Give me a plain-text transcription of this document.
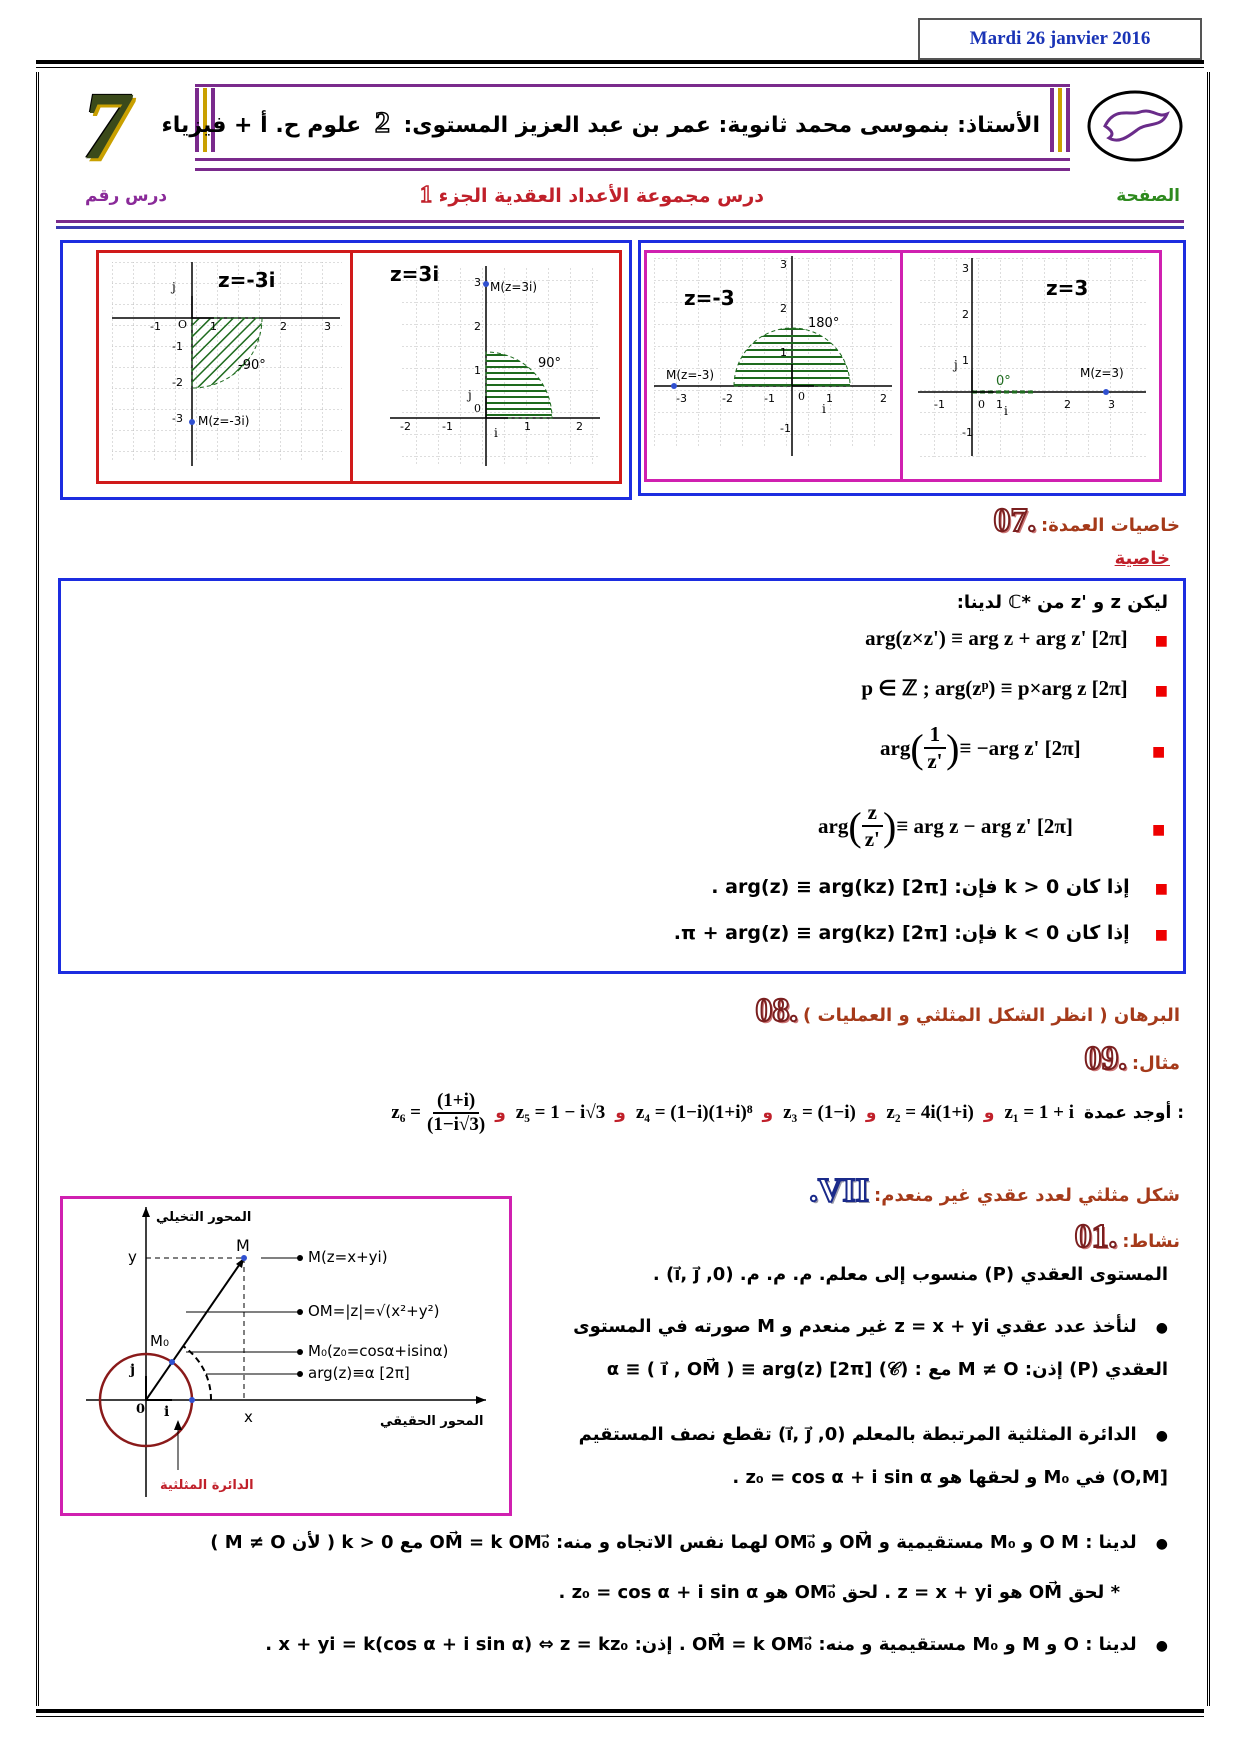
Mardi 26 janvier 2016
7	الأستاذ: بنموسى محمد ثانوية: عمر بن عبد العزيز المستوى: 2 علوم ح. أ + فيزياء
درس رقم	درس مجموعة الأعداد العقدية الجزء 1	الصفحة
z=-3i
-90°
M(z=-3i)
j
O
-1	1	2	3
-1
-2
-3
z=3i
90°
M(z=3i)
j
i
0
-2	-1	1	2
3
2
1
z=-3
180°
M(z=-3)
-3	-2	-1	1	2
3
2
1
-1
i
0
z=3
0°
M(z=3)
-1	1	2	3
3
2
1
-1
i
j
0
خاصيات العمدة: .07
خاصية
ليكن z و 'z من *ℂ لدينا:
■ arg(z×z') ≡ arg z + arg z' [2π]
■ p ∈ ℤ ; arg(zᵖ) ≡ p×arg z [2π]
arg ( 1
z' ) ≡ −arg z' [2π]	■
arg ( z
z' ) ≡ arg z − arg z' [2π]	■
■ إذا كان k > 0 فإن: [2π] arg(z) ≡ arg(kz) .
■ إذا كان k < 0 فإن: [2π] π + arg(z) ≡ arg(kz).
البرهان ( انظر الشكل المثلثي و العمليات ) .08
مثال: .09
$z_6 = \frac{(1+i)}{(1-i√3)}$ و z₅ = 1 − i√3 و z₄ = (1−i)(1+i)⁸ و z₃ = (1−i) و z₂ = 4i(1+i) و z₁ = 1 + i أوجد عمدة :
شكل مثلثي لعدد عقدي غير منعدم: VII.
نشاط: .01
المحور التخيلي
المحور الحقيقي
الدائرة المثلثية
M
M₀
y
x
i
j
0
M(z=x+yi)
OM=|z|=√(x²+y²)
M₀(z₀=cosα+isinα)
arg(z)≡α [2π]
المستوى العقدي (P) منسوب إلى معلم. م. م. م. (0, i⃗, j⃗) .
● لنأخذ عدد عقدي z = x + yi غير منعدم و M صورته في المستوى
العقدي (P) إذن: M ≠ O مع : (𝒞) [2π] α ≡ ( i⃗ , OM⃗ ) ≡ arg(z)
● الدائرة المثلثية المرتبطة بالمعلم (0, i⃗, j⃗) تقطع نصف المستقيم
[O,M) في M₀ و لحقها هو z₀ = cos α + i sin α .
● لدينا : O M و M₀ مستقيمية و OM⃗ و OM₀⃗ لهما نفس الاتجاه و منه: OM⃗ = k OM₀⃗ مع k > 0 ( لأن M ≠ O )
* لحق OM⃗ هو z = x + yi . لحق OM₀⃗ هو z₀ = cos α + i sin α .
● لدينا : O و M و M₀ مستقيمية و منه: OM⃗ = k OM₀⃗ . إذن: x + yi = k(cos α + i sin α) ⇔ z = kz₀ .
